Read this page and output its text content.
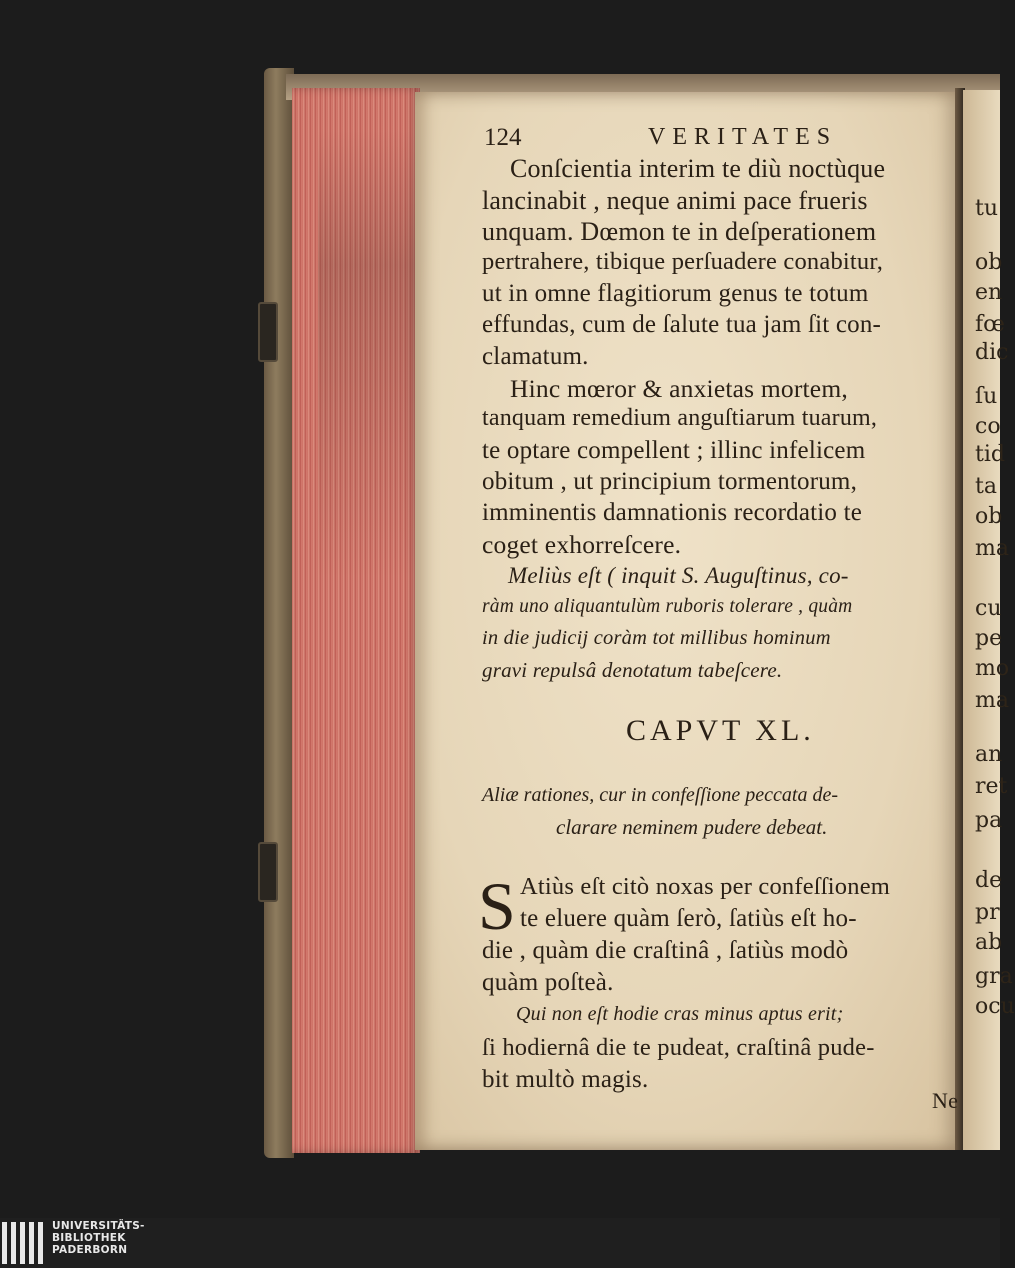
tu
ob
en
fœ
dic
ſu
co
tid
ta
ob
ma
cu
pe
mo
ma
an
ret
pa
de
pr
ab
gra
ocu
124	VERITATES
Conſcientia interim te diù noctùque
lancinabit , neque animi pace frueris
unquam. Dœmon te in deſperationem
pertrahere, tibique perſuadere conabitur,
ut in omne flagitiorum genus te totum
effundas, cum de ſalute tua jam ſit con-
clamatum.
Hinc mœror & anxietas mortem,
tanquam remedium anguſtiarum tuarum,
te optare compellent ; illinc infelicem
obitum , ut principium tormentorum,
imminentis damnationis recordatio te
coget exhorreſcere.
Meliùs eſt ( inquit S. Auguſtinus, co-
ràm uno aliquantulùm ruboris tolerare , quàm
in die judicij coràm tot millibus hominum
gravi repulsâ denotatum tabeſcere.
CAPVT XL.
Aliæ rationes, cur in confeſſione peccata de-
clarare neminem pudere debeat.
S Atiùs eſt citò noxas per confeſſionem
te eluere quàm ſerò, ſatiùs eſt ho-
die , quàm die craſtinâ , ſatiùs modò
quàm poſteà.
Qui non eſt hodie cras minus aptus erit;
ſi hodiernâ die te pudeat, craſtinâ pude-
bit multò magis.
Ne
UNIVERSITÄTS-
BIBLIOTHEK
PADERBORN
